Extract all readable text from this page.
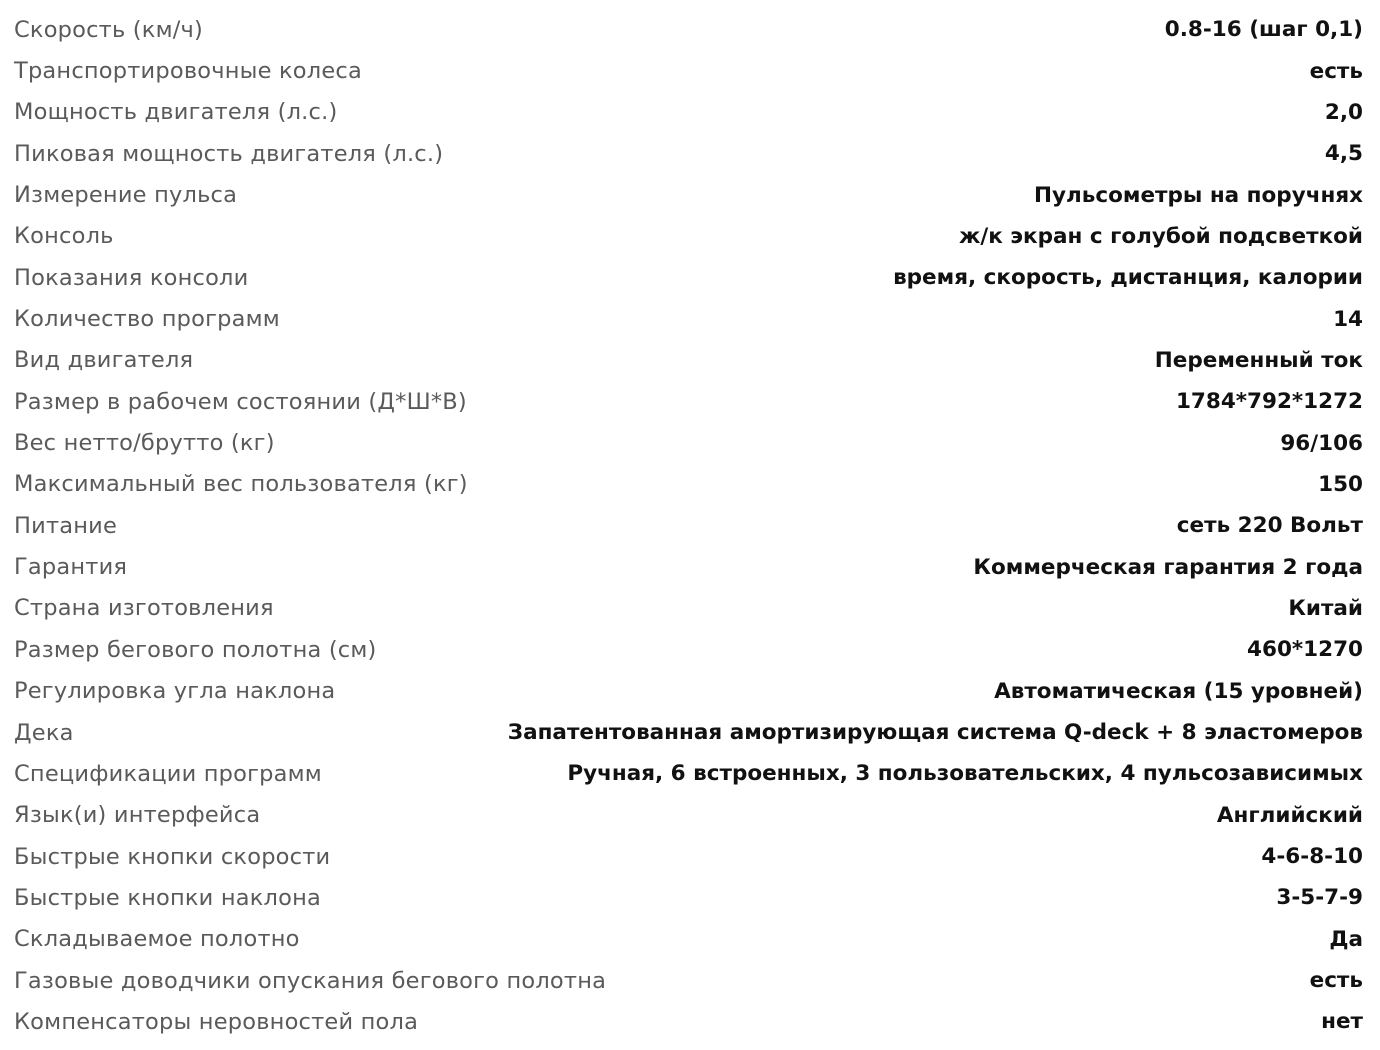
Скорость (км/ч)	0.8-16 (шаг 0,1)
Транспортировочные колеса	есть
Мощность двигателя (л.с.)	2,0
Пиковая мощность двигателя (л.с.)	4,5
Измерение пульса	Пульсометры на поручнях
Консоль	ж/к экран с голубой подсветкой
Показания консоли	время, скорость, дистанция, калории
Количество программ	14
Вид двигателя	Переменный ток
Размер в рабочем состоянии (Д*Ш*В)	1784*792*1272
Вес нетто/брутто (кг)	96/106
Максимальный вес пользователя (кг)	150
Питание	сеть 220 Вольт
Гарантия	Коммерческая гарантия 2 года
Страна изготовления	Китай
Размер бегового полотна (см)	460*1270
Регулировка угла наклона	Автоматическая (15 уровней)
Дека	Запатентованная амортизирующая система Q-deck + 8 эластомеров
Спецификации программ	Ручная, 6 встроенных, 3 пользовательских, 4 пульсозависимых
Язык(и) интерфейса	Английский
Быстрые кнопки скорости	4-6-8-10
Быстрые кнопки наклона	3-5-7-9
Складываемое полотно	Да
Газовые доводчики опускания бегового полотна	есть
Компенсаторы неровностей пола	нет
